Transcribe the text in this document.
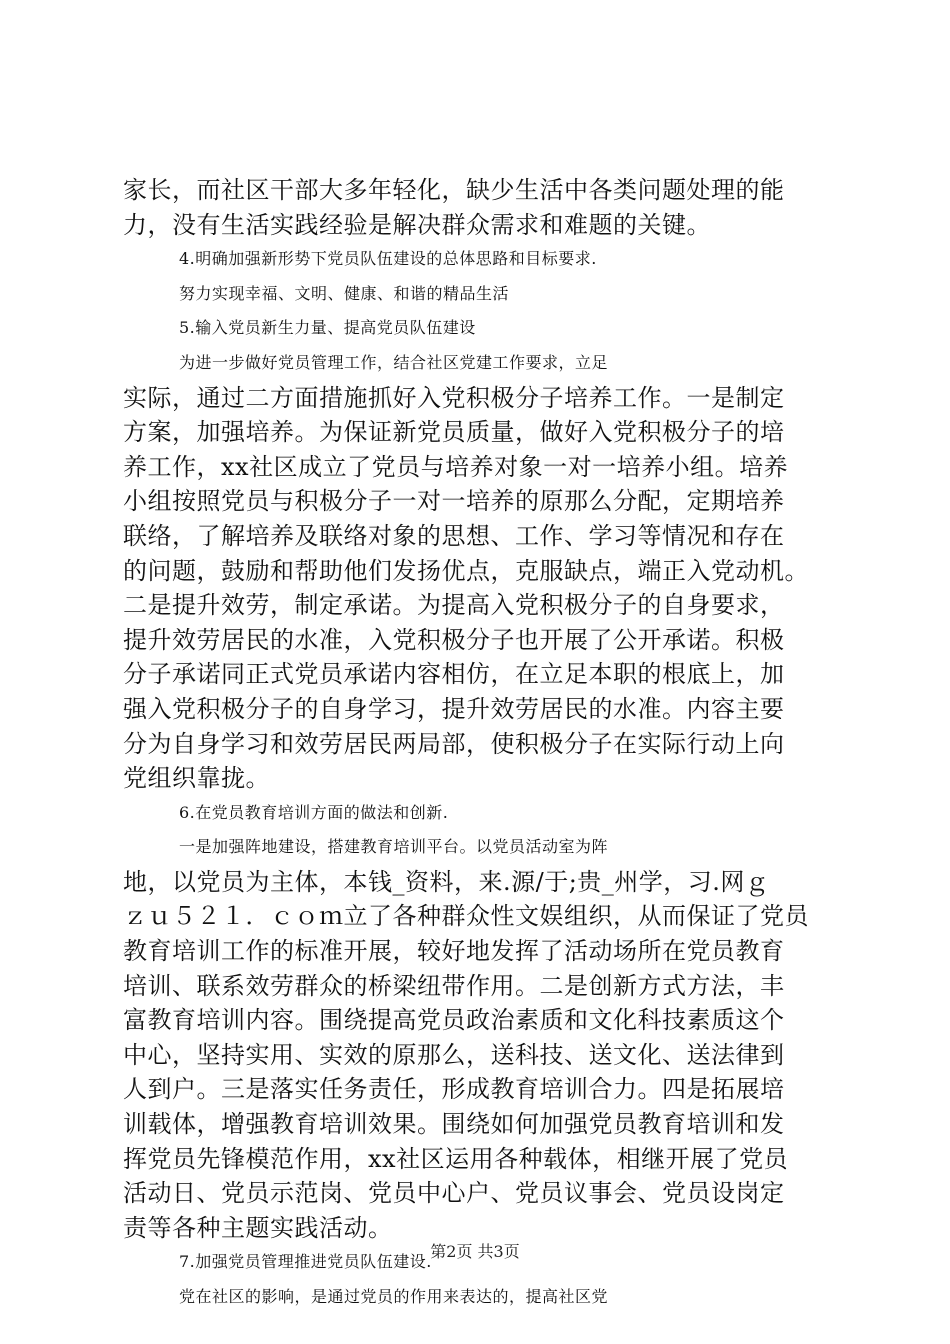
家长，而社区干部大多年轻化，缺少生活中各类问题处理的能
力，没有生活实践经验是解决群众需求和难题的关键。
4.明确加强新形势下党员队伍建设的总体思路和目标要求.
努力实现幸福、文明、健康、和谐的精品生活
5.输入党员新生力量、提高党员队伍建设
为进一步做好党员管理工作，结合社区党建工作要求，立足
实际，通过二方面措施抓好入党积极分子培养工作。一是制定
方案，加强培养。为保证新党员质量，做好入党积极分子的培
养工作，xx社区成立了党员与培养对象一对一培养小组。培养
小组按照党员与积极分子一对一培养的原那么分配，定期培养
联络，了解培养及联络对象的思想、工作、学习等情况和存在
的问题，鼓励和帮助他们发扬优点，克服缺点，端正入党动机。
二是提升效劳，制定承诺。为提高入党积极分子的自身要求，
提升效劳居民的水准，入党积极分子也开展了公开承诺。积极
分子承诺同正式党员承诺内容相仿，在立足本职的根底上，加
强入党积极分子的自身学习，提升效劳居民的水准。内容主要
分为自身学习和效劳居民两局部，使积极分子在实际行动上向
党组织靠拢。
6.在党员教育培训方面的做法和创新.
一是加强阵地建设，搭建教育培训平台。以党员活动室为阵
地，以党员为主体，本钱_资料，来.源/于;贵_州学，习.网ｇ
ｚｕ５２１．ｃｏｍ立了各种群众性文娱组织，从而保证了党员
教育培训工作的标准开展，较好地发挥了活动场所在党员教育
培训、联系效劳群众的桥梁纽带作用。二是创新方式方法，丰
富教育培训内容。围绕提高党员政治素质和文化科技素质这个
中心，坚持实用、实效的原那么，送科技、送文化、送法律到
人到户。三是落实任务责任，形成教育培训合力。四是拓展培
训载体，增强教育培训效果。围绕如何加强党员教育培训和发
挥党员先锋模范作用，xx社区运用各种载体，相继开展了党员
活动日、党员示范岗、党员中心户、党员议事会、党员设岗定
责等各种主题实践活动。
7.加强党员管理推进党员队伍建设.
党在社区的影响，是通过党员的作用来表达的，提高社区党
第2页 共3页
